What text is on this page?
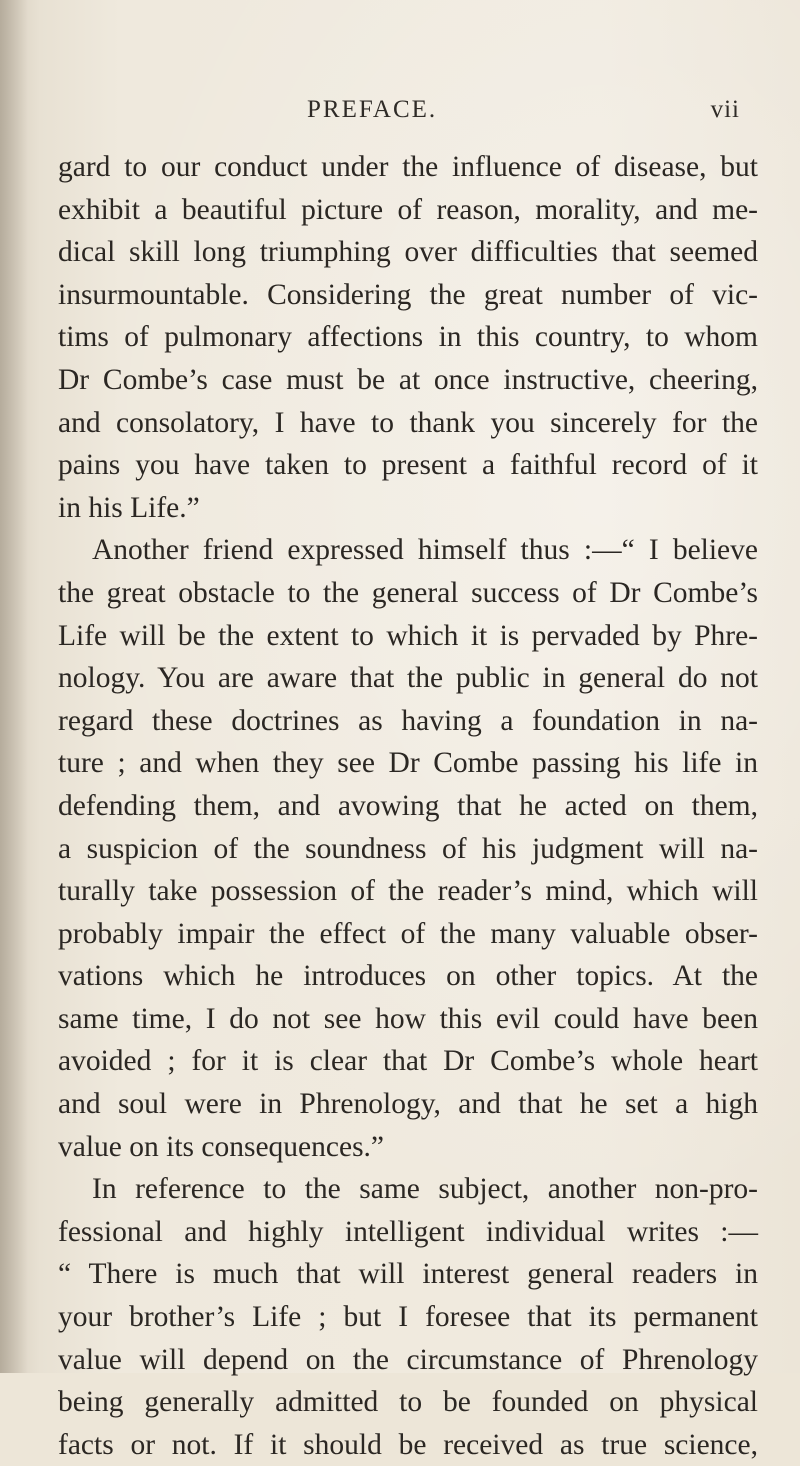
PREFACE.	vii
gard to our conduct under the influence of disease, but
exhibit a beautiful picture of reason, morality, and me-
dical skill long triumphing over difficulties that seemed
insurmountable. Considering the great number of vic-
tims of pulmonary affections in this country, to whom
Dr Combe’s case must be at once instructive, cheering,
and consolatory, I have to thank you sincerely for the
pains you have taken to present a faithful record of it
in his Life.”
Another friend expressed himself thus :—“ I believe
the great obstacle to the general success of Dr Combe’s
Life will be the extent to which it is pervaded by Phre-
nology. You are aware that the public in general do not
regard these doctrines as having a foundation in na-
ture ; and when they see Dr Combe passing his life in
defending them, and avowing that he acted on them,
a suspicion of the soundness of his judgment will na-
turally take possession of the reader’s mind, which will
probably impair the effect of the many valuable obser-
vations which he introduces on other topics. At the
same time, I do not see how this evil could have been
avoided ; for it is clear that Dr Combe’s whole heart
and soul were in Phrenology, and that he set a high
value on its consequences.”
In reference to the same subject, another non-pro-
fessional and highly intelligent individual writes :—
“ There is much that will interest general readers in
your brother’s Life ; but I foresee that its permanent
value will depend on the circumstance of Phrenology
being generally admitted to be founded on physical
facts or not. If it should be received as true science,
